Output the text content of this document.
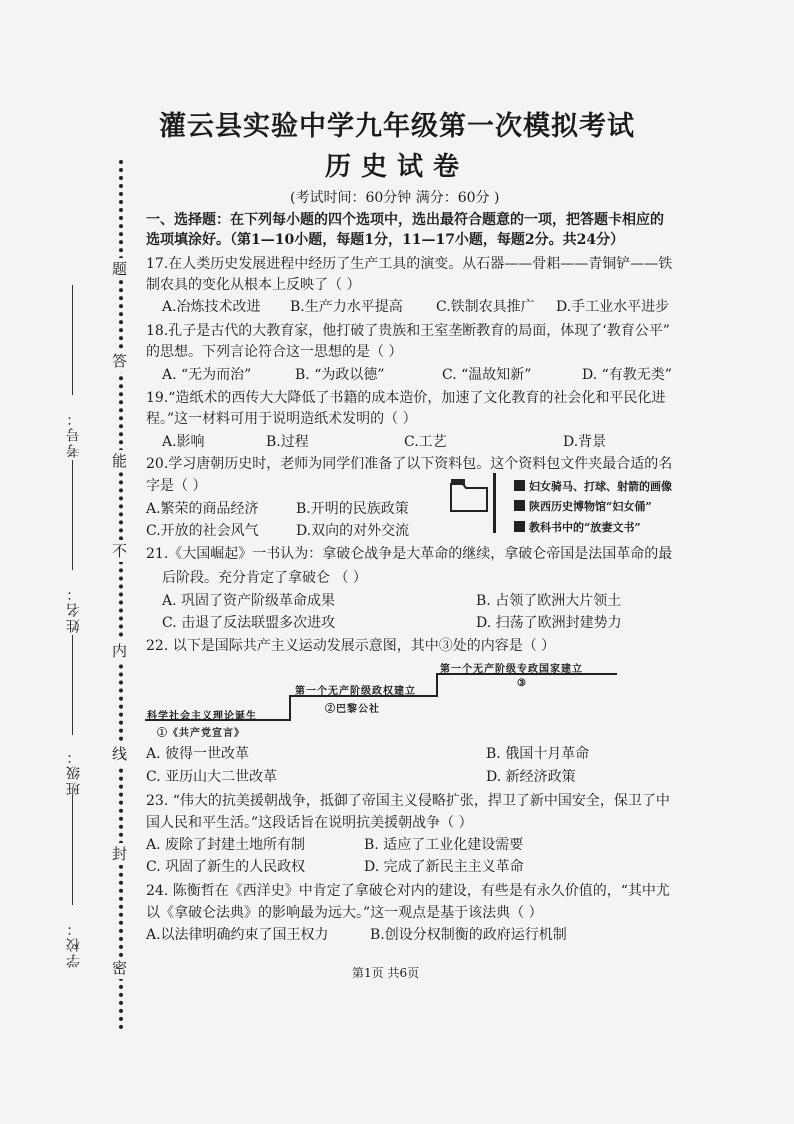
题
答
不
能
内
线
封
密
考号：
姓名：
班级：
学校：
灌云县实验中学九年级第一次模拟考试
历史试卷
(考试时间：60分钟 满分：60分 )
一、选择题：在下列每小题的四个选项中，选出最符合题意的一项，把答题卡相应的
选项填涂好。（第1—10小题，每题1分，11—17小题，每题2分。共24分）
17.在人类历史发展进程中经历了生产工具的演变。从石器——骨耜——青铜铲——铁
制农具的变化从根本上反映了（ ）
A.冶炼技术改进 B.生产力水平提高 C.铁制农具推广 D.手工业水平进步
18.孔子是古代的大教育家，他打破了贵族和王室垄断教育的局面，体现了‘教育公平”
的思想。下列言论符合这一思想的是（ ）
A. “无为而治”	B. “为政以德”	C. “温故知新”	D. “有教无类”
19.“造纸术的西传大大降低了书籍的成本造价，加速了文化教育的社会化和平民化进
程。”这一材料可用于说明造纸术发明的（ ）
A.影响	B.过程	C.工艺	D.背景
20.学习唐朝历史时，老师为同学们准备了以下资料包。这个资料包文件夹最合适的名
字是（ ）
A.繁荣的商品经济	B.开明的民族政策
C.开放的社会风气	D.双向的对外交流
妇女骑马、打球、射箭的画像
陕西历史博物馆“妇女俑”
教科书中的“放妻文书”
21.《大国崛起》一书认为：拿破仑战争是大革命的继续，拿破仑帝国是法国革命的最
后阶段。充分肯定了拿破仑 （ ）
A. 巩固了资产阶级革命成果	B. 占领了欧洲大片领土
C. 击退了反法联盟多次进攻	D. 扫荡了欧洲封建势力
22. 以下是国际共产主义运动发展示意图，其中③处的内容是（ ）
科学社会主义理论诞生
①《共产党宣言》
第一个无产阶级政权建立
②巴黎公社
第一个无产阶级专政国家建立
③
A. 彼得一世改革	B. 俄国十月革命
C. 亚历山大二世改革	D. 新经济政策
23. “伟大的抗美援朝战争，抵御了帝国主义侵略扩张，捍卫了新中国安全，保卫了中
国人民和平生活。”这段话旨在说明抗美援朝战争（ ）
A. 废除了封建土地所有制	B. 适应了工业化建设需要
C. 巩固了新生的人民政权	D. 完成了新民主主义革命
24. 陈衡哲在《西洋史》中肯定了拿破仑对内的建设，有些是有永久价值的，“其中尤
以《拿破仑法典》的影响最为远大。”这一观点是基于该法典（ ）
A.以法律明确约束了国王权力	B.创设分权制衡的政府运行机制
第1页 共6页
